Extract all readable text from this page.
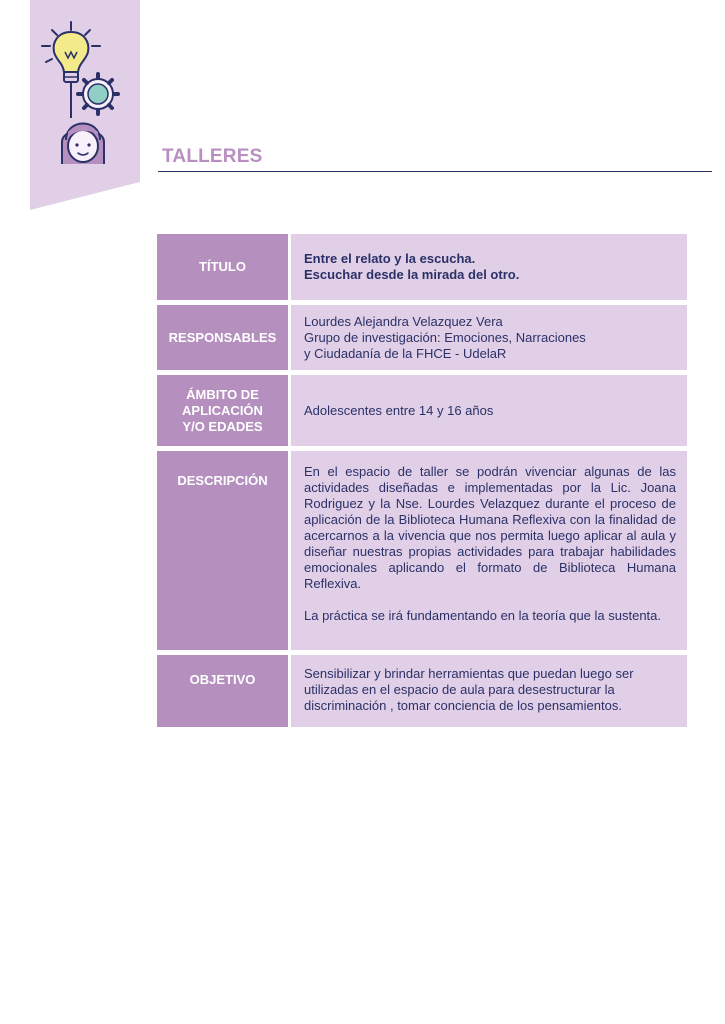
TALLERES
TÍTULO

Entre el relato y la escucha.

Escuchar desde la mirada del otro.

RESPONSABLES

Lourdes Alejandra Velazquez Vera

Grupo de investigación: Emociones, Narraciones

y Ciudadanía de la FHCE - UdelaR

ÁMBITO DE
APLICACIÓN
Y/O EDADES

Adolescentes entre 14 y 16 años

DESCRIPCIÓN

En el espacio de taller se podrán vivenciar algunas de las actividades diseñadas e implementadas por la Lic. Joana Rodriguez y la Nse. Lourdes Velazquez durante el proceso de aplicación de la Biblioteca Humana Reflexiva con la finalidad de acercarnos a la vivencia que nos permita luego aplicar al aula y diseñar nuestras propias actividades para trabajar habilidades emocionales aplicando el formato de Biblioteca Humana Reflexiva.

La práctica se irá fundamentando en la teoría que la sustenta.

OBJETIVO	Sensibilizar y brindar herramientas que puedan luego ser utilizadas en el espacio de aula para desestructurar la discriminación , tomar conciencia de los pensamientos.
